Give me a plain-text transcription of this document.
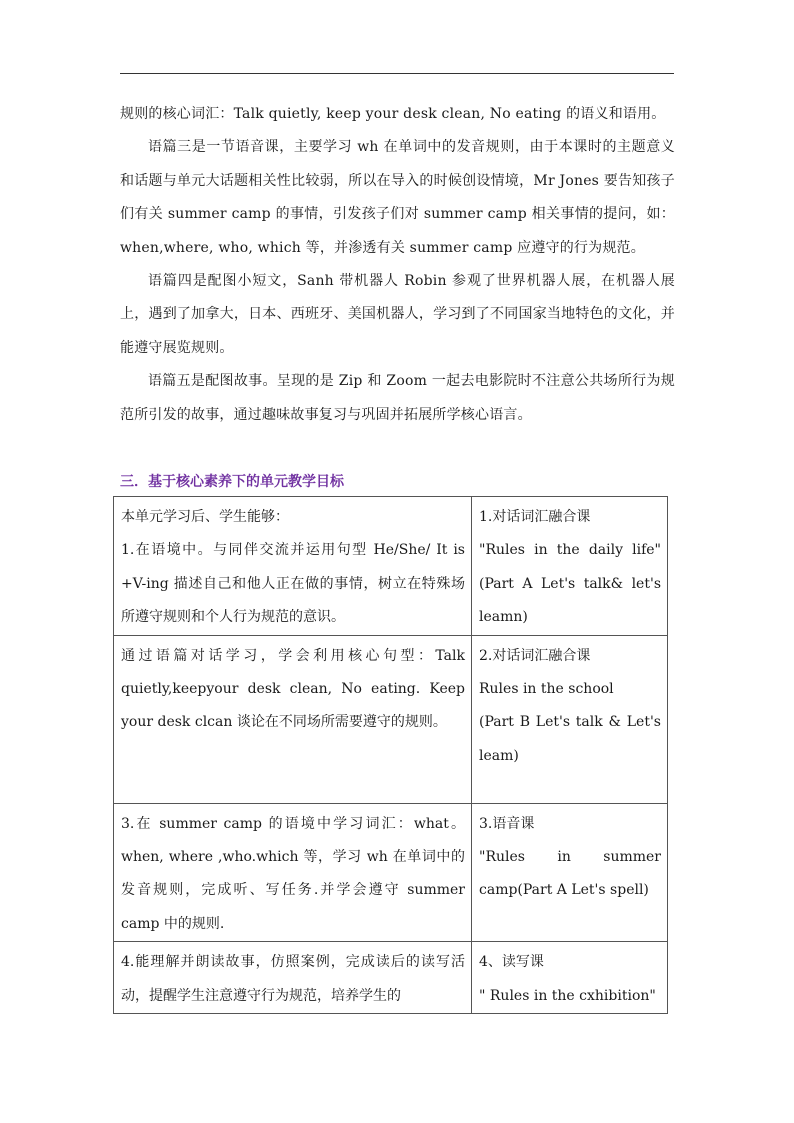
规则的核心词汇：Talk quietly, keep your desk clean, No eating 的语义和语用。

语篇三是一节语音课，主要学习 wh 在单词中的发音规则，由于本课时的主题意义和话题与单元大话题相关性比较弱，所以在导入的时候创设情境，Mr Jones 要告知孩子们有关 summer camp 的事情，引发孩子们对 summer camp 相关事情的提问，如：when,where, who, which 等，并渗透有关 summer camp 应遵守的行为规范。

语篇四是配图小短文，Sanh 带机器人 Robin 参观了世界机器人展，在机器人展上，遇到了加拿大，日本、西班牙、美国机器人，学习到了不同国家当地特色的文化，并能遵守展览规则。

语篇五是配图故事。呈现的是 Zip 和 Zoom 一起去电影院时不注意公共场所行为规范所引发的故事，通过趣味故事复习与巩固并拓展所学核心语言。

三．基于核心素养下的单元教学目标
本单元学习后、学生能够：
1.在语境中。与同伴交流并运用句型 He/She/ It is +V-ing 描述自己和他人正在做的事情，树立在特殊场所遵守规则和个人行为规范的意识。	1.对话词汇融合课
"Rules in the daily life"(Part A Let's talk& let's leamn)

通过语篇对话学习，学会利用核心句型：Talk quietly,keepyour desk clean, No eating. Keep your desk clcan 谈论在不同场所需要遵守的规则。	2.对话词汇融合课
Rules in the school
(Part B Let's talk & Let's leam)

3.在 summer camp 的语境中学习词汇：what。when, where ,who.which 等，学习 wh 在单词中的发音规则，完成听、写任务.并学会遵守 summer camp 中的规则.	3.语音课
"Rules in summer camp(Part A Let's spell)

4.能理解并朗读故事，仿照案例，完成读后的读写活动，提醒学生注意遵守行为规范，培养学生的	4、读写课
" Rules in the cxhibition"
